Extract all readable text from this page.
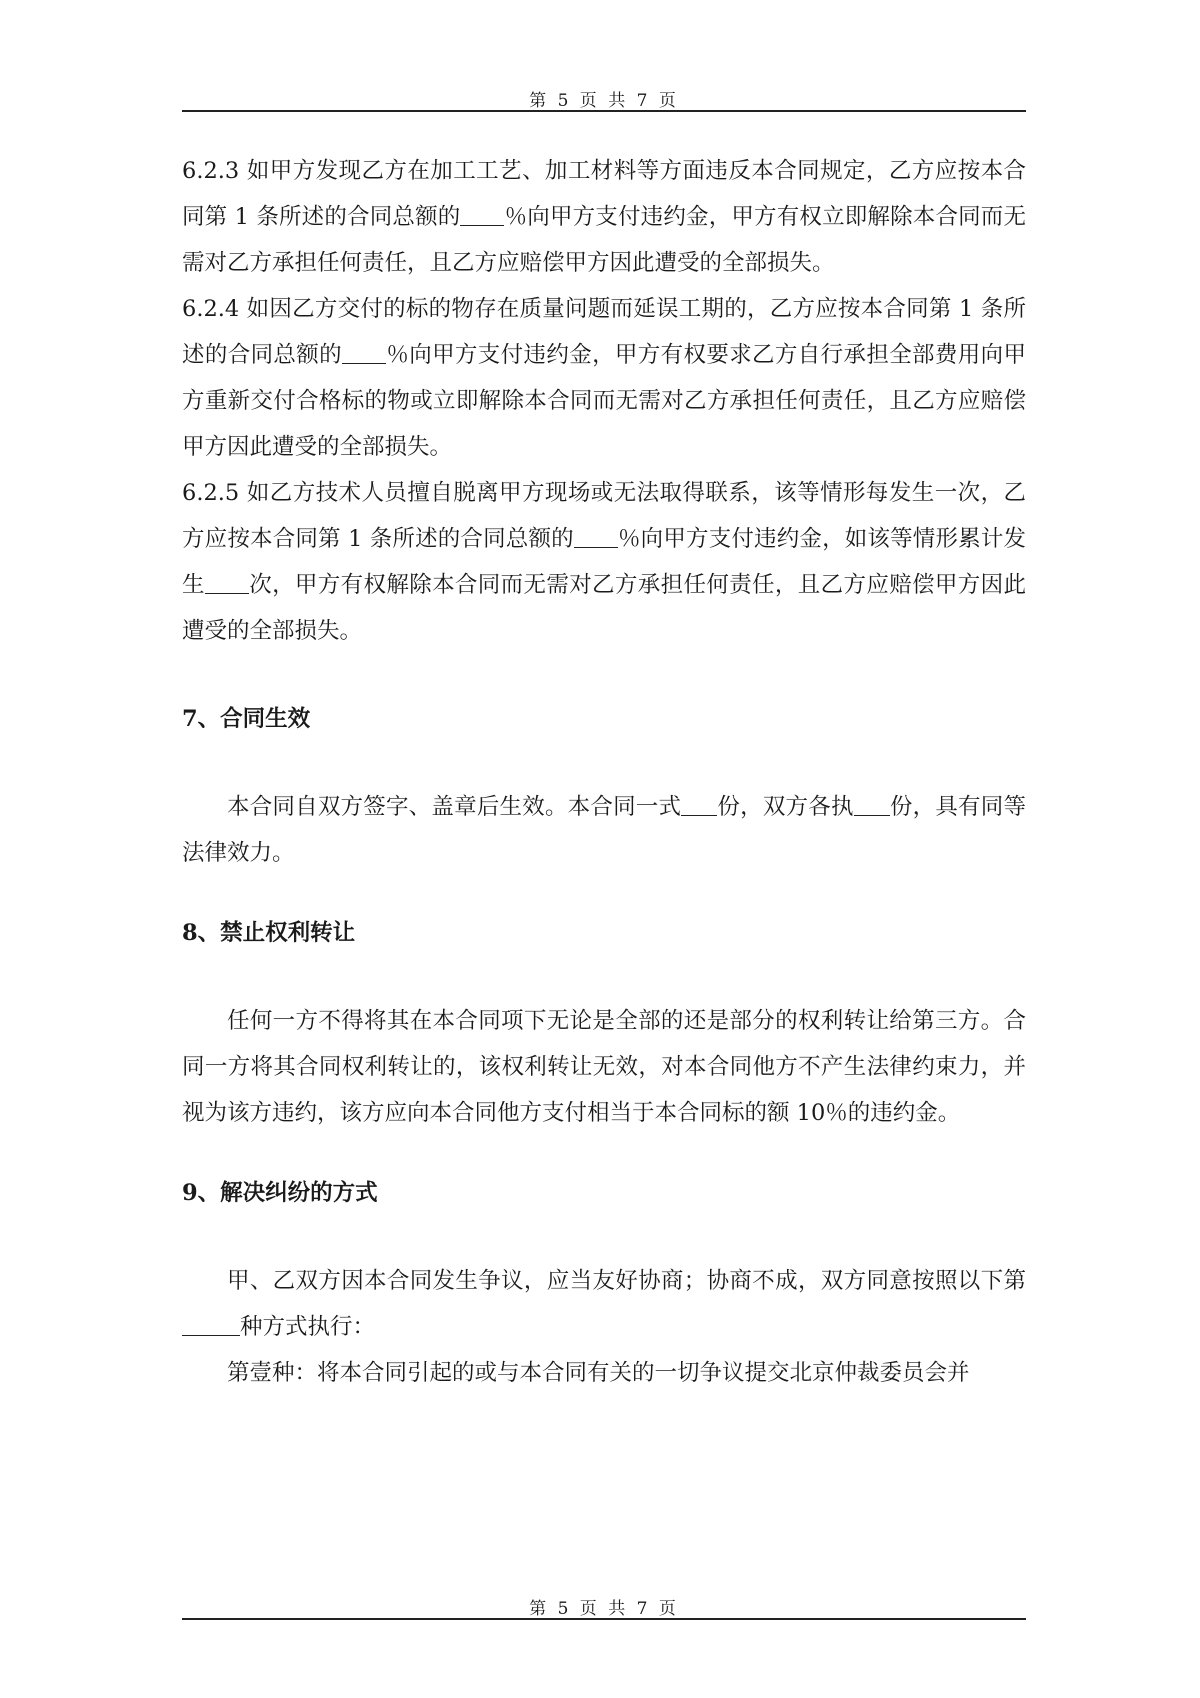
第 5 页 共 7 页

6.2.3 如甲方发现乙方在加工工艺、加工材料等方面违反本合同规定，乙方应按本合同第 1 条所述的合同总额的 ％向甲方支付违约金，甲方有权立即解除本合同而无需对乙方承担任何责任，且乙方应赔偿甲方因此遭受的全部损失。

6.2.4 如因乙方交付的标的物存在质量问题而延误工期的，乙方应按本合同第 1 条所述的合同总额的 ％向甲方支付违约金，甲方有权要求乙方自行承担全部费用向甲方重新交付合格标的物或立即解除本合同而无需对乙方承担任何责任，且乙方应赔偿甲方因此遭受的全部损失。

6.2.5 如乙方技术人员擅自脱离甲方现场或无法取得联系，该等情形每发生一次，乙方应按本合同第 1 条所述的合同总额的 ％向甲方支付违约金，如该等情形累计发生 次，甲方有权解除本合同而无需对乙方承担任何责任，且乙方应赔偿甲方因此遭受的全部损失。

7、合同生效

本合同自双方签字、盖章后生效。本合同一式 份，双方各执 份，具有同等法律效力。

8、禁止权利转让

任何一方不得将其在本合同项下无论是全部的还是部分的权利转让给第三方。合同一方将其合同权利转让的，该权利转让无效，对本合同他方不产生法律约束力，并视为该方违约，该方应向本合同他方支付相当于本合同标的额 10％的违约金。

9、解决纠纷的方式

甲、乙双方因本合同发生争议，应当友好协商；协商不成，双方同意按照以下第种方式执行：

第壹种：将本合同引起的或与本合同有关的一切争议提交北京仲裁委员会并

第 5 页 共 7 页
